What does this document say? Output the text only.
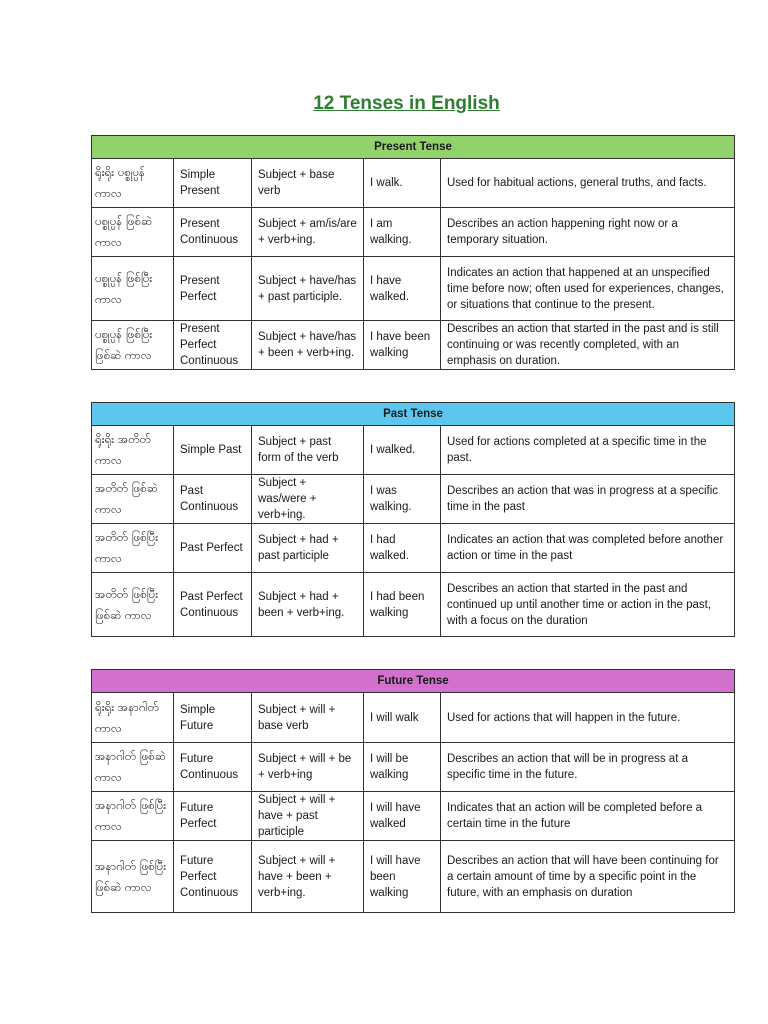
12 Tenses in English
Present Tense				
ရိုးရိုး ပစ္စုပ္ပန် ကာလ	Simple Present	Subject + base verb	I walk.	Used for habitual actions, general truths, and facts.
ပစ္စုပ္ပန် ဖြစ်ဆဲ ကာလ	Present Continuous	Subject + am/is/are + verb+ing.	I am walking.	Describes an action happening right now or a temporary situation.
ပစ္စုပ္ပန် ဖြစ်ပြီး ကာလ	Present Perfect	Subject + have/has + past participle.	I have walked.	Indicates an action that happened at an unspecified time before now; often used for experiences, changes, or situations that continue to the present.
ပစ္စုပ္ပန် ဖြစ်ပြီး ဖြစ်ဆဲ ကာလ	Present Perfect Continuous	Subject + have/has + been + verb+ing.	I have been walking	Describes an action that started in the past and is still continuing or was recently completed, with an emphasis on duration.
Past Tense				
ရိုးရိုး အတိတ် ကာလ	Simple Past	Subject + past form of the verb	I walked.	Used for actions completed at a specific time in the past.
အတိတ် ဖြစ်ဆဲ ကာလ	Past Continuous	Subject + was/were + verb+ing.	I was walking.	Describes an action that was in progress at a specific time in the past
အတိတ် ဖြစ်ပြီး ကာလ	Past Perfect	Subject + had + past participle	I had walked.	Indicates an action that was completed before another action or time in the past
အတိတ် ဖြစ်ပြီး ဖြစ်ဆဲ ကာလ	Past Perfect Continuous	Subject + had + been + verb+ing.	I had been walking	Describes an action that started in the past and continued up until another time or action in the past, with a focus on the duration
Future Tense				
ရိုးရိုး အနာဂါတ် ကာလ	Simple Future	Subject + will + base verb	I will walk	Used for actions that will happen in the future.
အနာဂါတ် ဖြစ်ဆဲ ကာလ	Future Continuous	Subject + will + be + verb+ing	I will be walking	Describes an action that will be in progress at a specific time in the future.
အနာဂါတ် ဖြစ်ပြီး ကာလ	Future Perfect	Subject + will + have + past participle	I will have walked	Indicates that an action will be completed before a certain time in the future
အနာဂါတ် ဖြစ်ပြီး ဖြစ်ဆဲ ကာလ	Future Perfect Continuous	Subject + will + have + been + verb+ing.	I will have been walking	Describes an action that will have been continuing for a certain amount of time by a specific point in the future, with an emphasis on duration
